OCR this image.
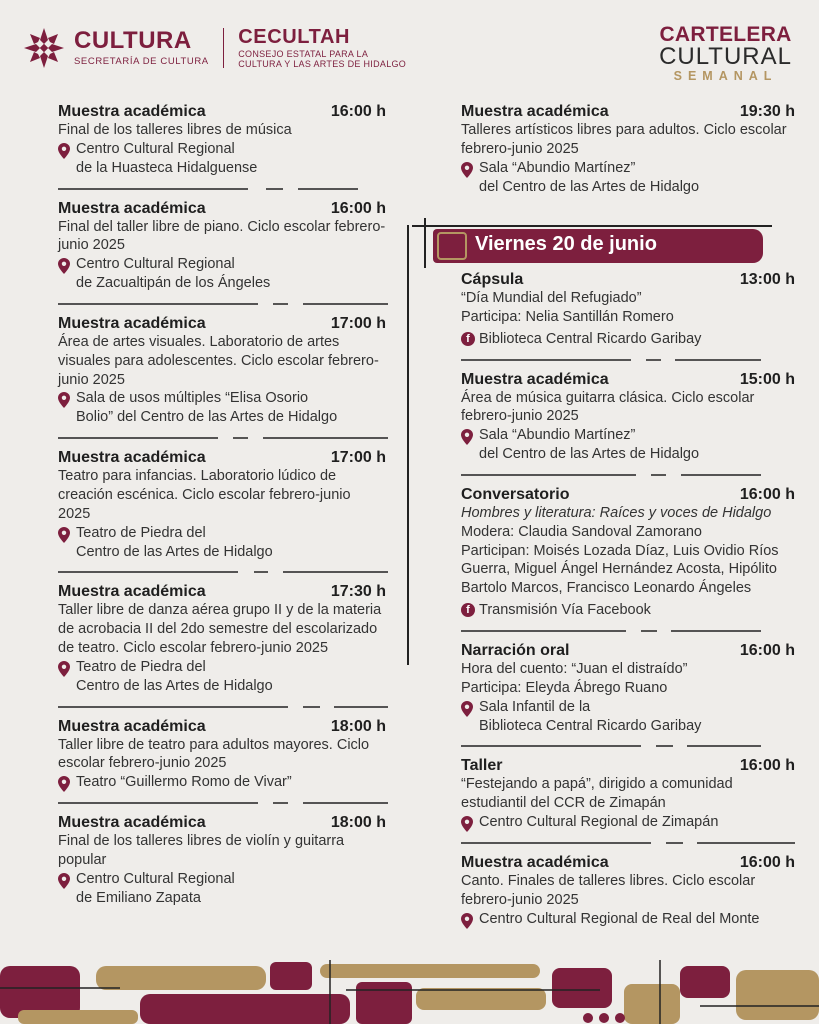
CULTURA
SECRETARÍA DE CULTURA
CECULTAH
CONSEJO ESTATAL PARA LA
CULTURA Y LAS ARTES DE HIDALGO
CARTELERA
CULTURAL
SEMANAL
Muestra académica	16:00 h
Final de los talleres libres de música
Centro Cultural Regional
de la Huasteca Hidalguense
Muestra académica	16:00 h
Final del taller libre de piano. Ciclo escolar febrero-junio 2025
Centro Cultural Regional
de Zacualtipán de los Ángeles
Muestra académica	17:00 h
Área de artes visuales. Laboratorio de artes visuales para adolescentes. Ciclo escolar febrero-junio 2025
Sala de usos múltiples “Elisa Osorio
Bolio” del Centro de las Artes de Hidalgo
Muestra académica	17:00 h
Teatro para infancias. Laboratorio lúdico de creación escénica. Ciclo escolar febrero-junio 2025
Teatro de Piedra del
Centro de las Artes de Hidalgo
Muestra académica	17:30 h
Taller libre de danza aérea grupo II y de la materia de acrobacia II del 2do semestre del escolarizado de teatro. Ciclo escolar febrero-junio 2025
Teatro de Piedra del
Centro de las Artes de Hidalgo
Muestra académica	18:00 h
Taller libre de teatro para adultos mayores. Ciclo escolar febrero-junio 2025
Teatro “Guillermo Romo de Vivar”
Muestra académica	18:00 h
Final de los talleres libres de violín y guitarra popular
Centro Cultural Regional
de Emiliano Zapata
Muestra académica	19:30 h
Talleres artísticos libres para adultos. Ciclo escolar febrero-junio 2025
Sala “Abundio Martínez”
del Centro de las Artes de Hidalgo
Viernes 20 de junio
Cápsula	13:00 h
“Día Mundial del Refugiado”
Participa: Nelia Santillán Romero
f Biblioteca Central Ricardo Garibay
Muestra académica	15:00 h
Área de música guitarra clásica. Ciclo escolar febrero-junio 2025
Sala “Abundio Martínez”
del Centro de las Artes de Hidalgo
Conversatorio	16:00 h
Hombres y literatura: Raíces y voces de Hidalgo
Modera: Claudia Sandoval Zamorano
Participan: Moisés Lozada Díaz, Luis Ovidio Ríos Guerra, Miguel Ángel Hernández Acosta, Hipólito Bartolo Marcos, Francisco Leonardo Ángeles
f Transmisión Vía Facebook
Narración oral	16:00 h
Hora del cuento: “Juan el distraído”
Participa: Eleyda Ábrego Ruano
Sala Infantil de la
Biblioteca Central Ricardo Garibay
Taller	16:00 h
“Festejando a papá”, dirigido a comunidad estudiantil del CCR de Zimapán
Centro Cultural Regional de Zimapán
Muestra académica	16:00 h
Canto. Finales de talleres libres. Ciclo escolar febrero-junio 2025
Centro Cultural Regional de Real del Monte
